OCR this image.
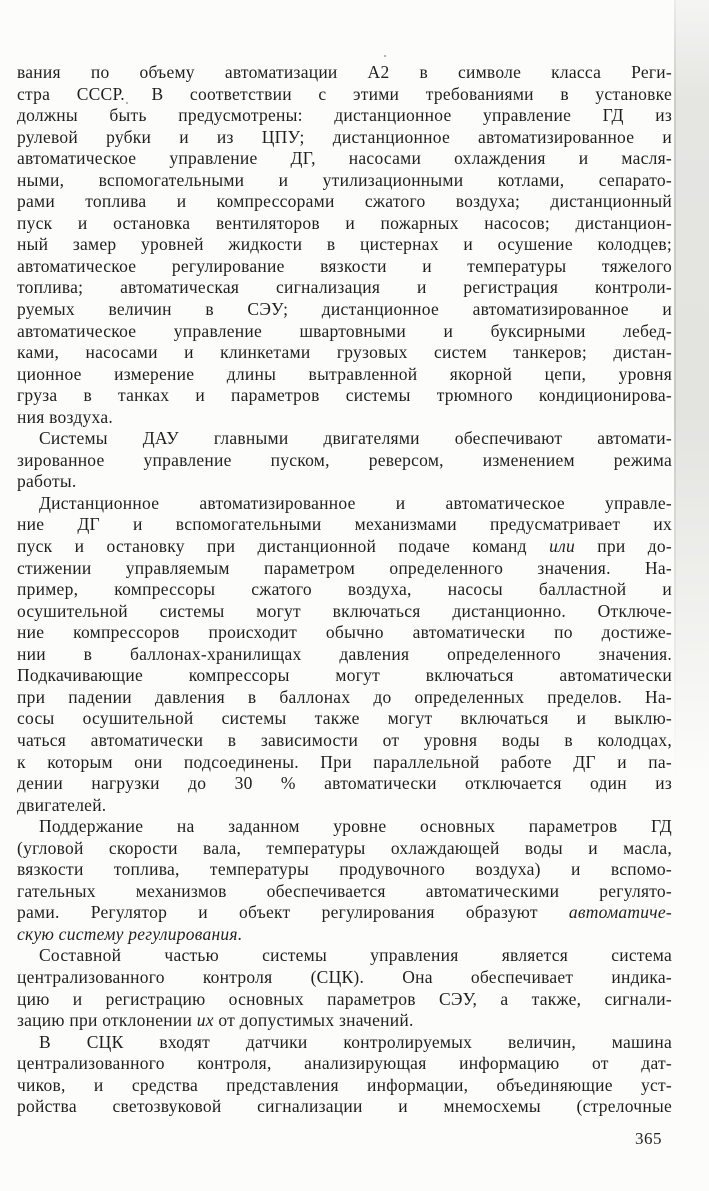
вания по объему автоматизации А2 в символе класса Реги-
стра СССР. В соответствии с этими требованиями в установке
должны быть предусмотрены: дистанционное управление ГД из
рулевой рубки и из ЦПУ; дистанционное автоматизированное и
автоматическое управление ДГ, насосами охлаждения и масля-
ными, вспомогательными и утилизационными котлами, сепарато-
рами топлива и компрессорами сжатого воздуха; дистанционный
пуск и остановка вентиляторов и пожарных насосов; дистанцион-
ный замер уровней жидкости в цистернах и осушение колодцев;
автоматическое регулирование вязкости и температуры тяжелого
топлива; автоматическая сигнализация и регистрация контроли-
руемых величин в СЭУ; дистанционное автоматизированное и
автоматическое управление швартовными и буксирными лебед-
ками, насосами и клинкетами грузовых систем танкеров; дистан-
ционное измерение длины вытравленной якорной цепи, уровня
груза в танках и параметров системы трюмного кондиционирова-
ния воздуха.
Системы ДАУ главными двигателями обеспечивают автомати-
зированное управление пуском, реверсом, изменением режима
работы.
Дистанционное автоматизированное и автоматическое управле-
ние ДГ и вспомогательными механизмами предусматривает их
пуск и остановку при дистанционной подаче команд или при до-
стижении управляемым параметром определенного значения. На-
пример, компрессоры сжатого воздуха, насосы балластной и
осушительной системы могут включаться дистанционно. Отключе-
ние компрессоров происходит обычно автоматически по достиже-
нии в баллонах-хранилищах давления определенного значения.
Подкачивающие компрессоры могут включаться автоматически
при падении давления в баллонах до определенных пределов. На-
сосы осушительной системы также могут включаться и выклю-
чаться автоматически в зависимости от уровня воды в колодцах,
к которым они подсоединены. При параллельной работе ДГ и па-
дении нагрузки до 30 % автоматически отключается один из
двигателей.
Поддержание на заданном уровне основных параметров ГД
(угловой скорости вала, температуры охлаждающей воды и масла,
вязкости топлива, температуры продувочного воздуха) и вспомо-
гательных механизмов обеспечивается автоматическими регулято-
рами. Регулятор и объект регулирования образуют автоматиче-
скую систему регулирования.
Составной частью системы управления является система
централизованного контроля (СЦК). Она обеспечивает индика-
цию и регистрацию основных параметров СЭУ, а также, сигнали-
зацию при отклонении их от допустимых значений.
В СЦК входят датчики контролируемых величин, машина
централизованного контроля, анализирующая информацию от дат-
чиков, и средства представления информации, объединяющие уст-
ройства светозвуковой сигнализации и мнемосхемы (стрелочные
365
